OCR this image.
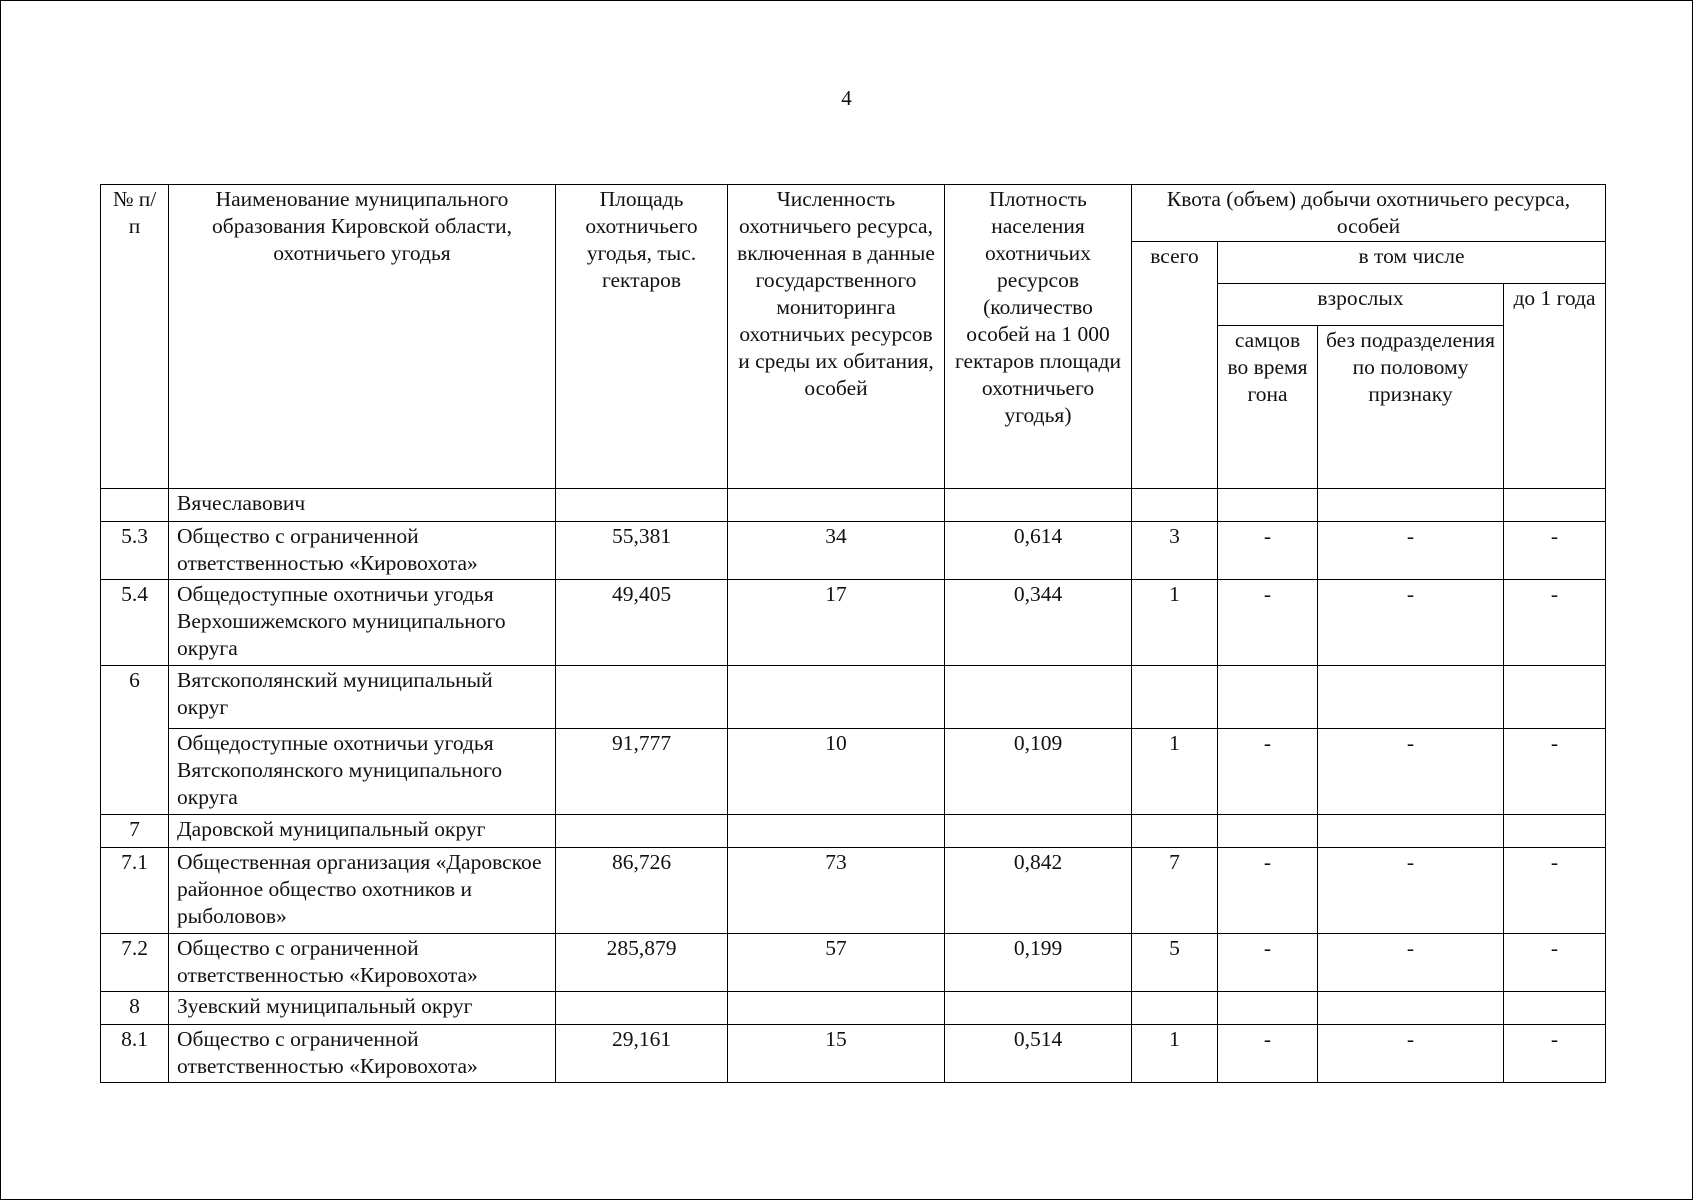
4
№ п/п	Наименование муниципального образования Кировской области, охотничьего угодья	Площадь охотничьего угодья, тыс. гектаров	Численность охотничьего ресурса, включенная в данные государственного мониторинга охотничьих ресурсов и среды их обитания, особей	Плотность населения охотничьих ресурсов (количество особей на 1 000 гектаров площади охотничьего угодья)	Квота (объем) добычи охотничьего ресурса, особей			
					всего	в том числе		
						взрослых		до 1 года
						самцов во время гона	без подразделения по половому признаку	
	Вячеславович							
5.3	Общество с ограниченной ответственностью «Кировохота»	55,381	34	0,614	3	-	-	-
5.4	Общедоступные охотничьи угодья Верхошижемского муниципального округа	49,405	17	0,344	1	-	-	-
6	Вятскополянский муниципальный округ							
	Общедоступные охотничьи угодья Вятскополянского муниципального округа	91,777	10	0,109	1	-	-	-
7	Даровской муниципальный округ							
7.1	Общественная организация «Даровское районное общество охотников и рыболовов»	86,726	73	0,842	7	-	-	-
7.2	Общество с ограниченной ответственностью «Кировохота»	285,879	57	0,199	5	-	-	-
8	Зуевский муниципальный округ							
8.1	Общество с ограниченной ответственностью «Кировохота»	29,161	15	0,514	1	-	-	-
